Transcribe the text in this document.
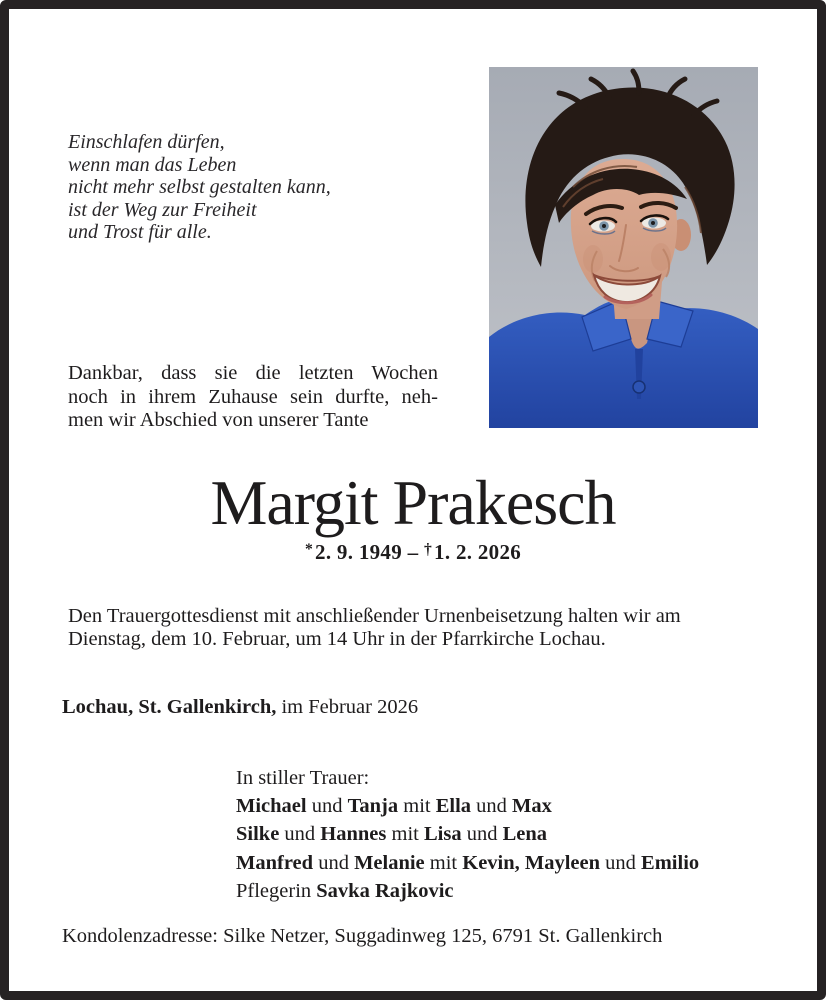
Einschlafen dürfen,
wenn man das Leben
nicht mehr selbst gestalten kann,
ist der Weg zur Freiheit
und Trost für alle.
Dankbar, dass sie die letzten Wochen
noch in ihrem Zuhause sein durfte, neh-
men wir Abschied von unserer Tante
Margit Prakesch
*2. 9. 1949 – †1. 2. 2026
Den Trauergottesdienst mit anschließender Urnenbeisetzung halten wir am
Dienstag, dem 10. Februar, um 14 Uhr in der Pfarrkirche Lochau.
Lochau, St. Gallenkirch, im Februar 2026
In stiller Trauer:
Michael und Tanja mit Ella und Max
Silke und Hannes mit Lisa und Lena
Manfred und Melanie mit Kevin, Mayleen und Emilio
Pflegerin Savka Rajkovic
Kondolenzadresse: Silke Netzer, Suggadinweg 125, 6791 St. Gallenkirch
